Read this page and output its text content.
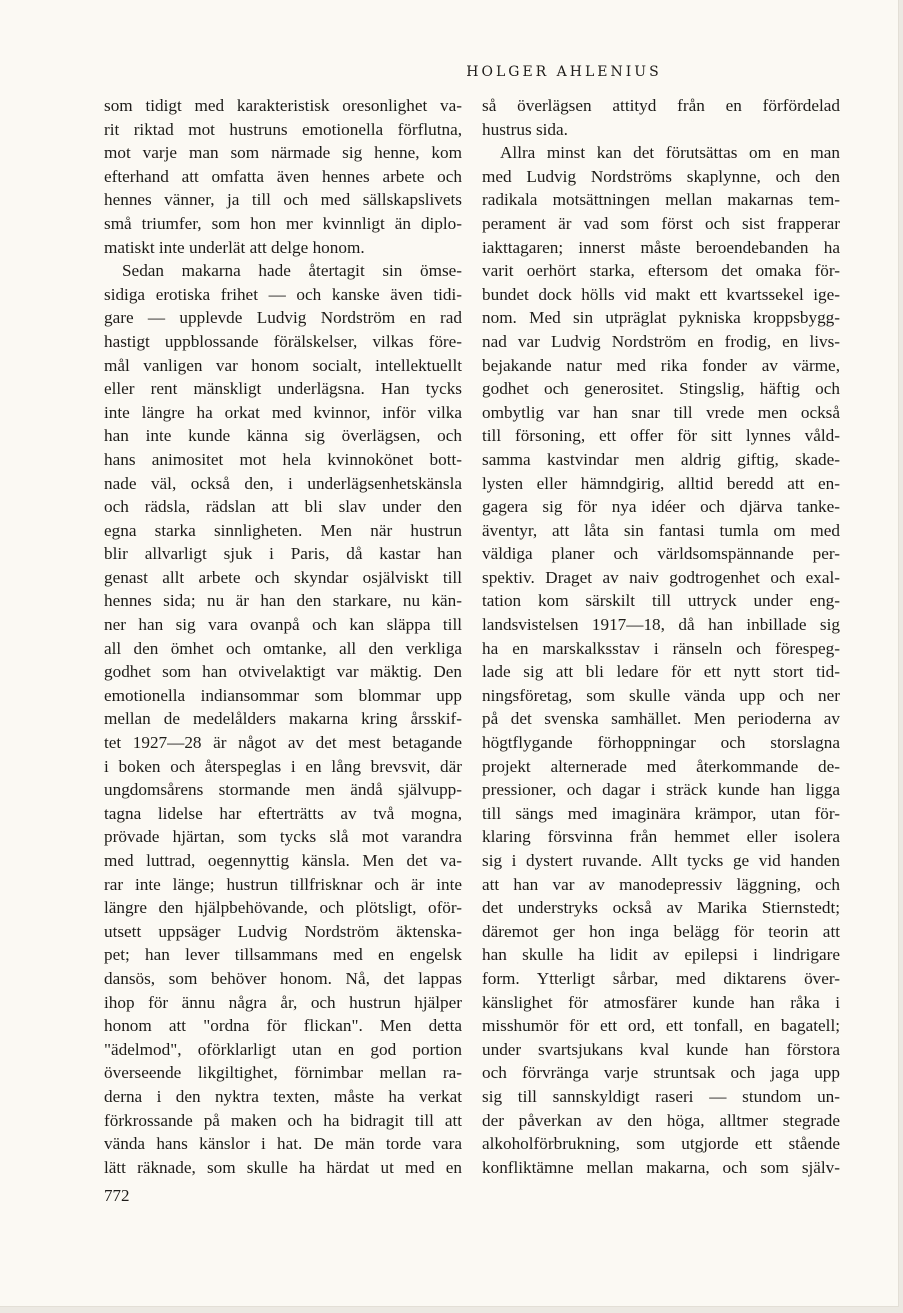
HOLGER AHLENIUS
som tidigt med karakteristisk oresonlighet va-
rit riktad mot hustruns emotionella förflutna,
mot varje man som närmade sig henne, kom
efterhand att omfatta även hennes arbete och
hennes vänner, ja till och med sällskapslivets
små triumfer, som hon mer kvinnligt än diplo-
matiskt inte underlät att delge honom.
Sedan makarna hade återtagit sin ömse-
sidiga erotiska frihet — och kanske även tidi-
gare — upplevde Ludvig Nordström en rad
hastigt uppblossande förälskelser, vilkas före-
mål vanligen var honom socialt, intellektuellt
eller rent mänskligt underlägsna. Han tycks
inte längre ha orkat med kvinnor, inför vilka
han inte kunde känna sig överlägsen, och
hans animositet mot hela kvinnokönet bott-
nade väl, också den, i underlägsenhetskänsla
och rädsla, rädslan att bli slav under den
egna starka sinnligheten. Men när hustrun
blir allvarligt sjuk i Paris, då kastar han
genast allt arbete och skyndar osjälviskt till
hennes sida; nu är han den starkare, nu kän-
ner han sig vara ovanpå och kan släppa till
all den ömhet och omtanke, all den verkliga
godhet som han otvivelaktigt var mäktig. Den
emotionella indiansommar som blommar upp
mellan de medelålders makarna kring årsskif-
tet 1927—28 är något av det mest betagande
i boken och återspeglas i en lång brevsvit, där
ungdomsårens stormande men ändå självupp-
tagna lidelse har efterträtts av två mogna,
prövade hjärtan, som tycks slå mot varandra
med luttrad, oegennyttig känsla. Men det va-
rar inte länge; hustrun tillfrisknar och är inte
längre den hjälpbehövande, och plötsligt, oför-
utsett uppsäger Ludvig Nordström äktenska-
pet; han lever tillsammans med en engelsk
dansös, som behöver honom. Nå, det lappas
ihop för ännu några år, och hustrun hjälper
honom att "ordna för flickan". Men detta
"ädelmod", oförklarligt utan en god portion
överseende likgiltighet, förnimbar mellan ra-
derna i den nyktra texten, måste ha verkat
förkrossande på maken och ha bidragit till att
vända hans känslor i hat. De män torde vara
lätt räknade, som skulle ha härdat ut med en
så överlägsen attityd från en förfördelad
hustrus sida.
Allra minst kan det förutsättas om en man
med Ludvig Nordströms skaplynne, och den
radikala motsättningen mellan makarnas tem-
perament är vad som först och sist frapperar
iakttagaren; innerst måste beroendebanden ha
varit oerhört starka, eftersom det omaka för-
bundet dock hölls vid makt ett kvartssekel ige-
nom. Med sin utpräglat pykniska kroppsbygg-
nad var Ludvig Nordström en frodig, en livs-
bejakande natur med rika fonder av värme,
godhet och generositet. Stingslig, häftig och
ombytlig var han snar till vrede men också
till försoning, ett offer för sitt lynnes våld-
samma kastvindar men aldrig giftig, skade-
lysten eller hämndgirig, alltid beredd att en-
gagera sig för nya idéer och djärva tanke-
äventyr, att låta sin fantasi tumla om med
väldiga planer och världsomspännande per-
spektiv. Draget av naiv godtrogenhet och exal-
tation kom särskilt till uttryck under eng-
landsvistelsen 1917—18, då han inbillade sig
ha en marskalksstav i ränseln och förespeg-
lade sig att bli ledare för ett nytt stort tid-
ningsföretag, som skulle vända upp och ner
på det svenska samhället. Men perioderna av
högtflygande förhoppningar och storslagna
projekt alternerade med återkommande de-
pressioner, och dagar i sträck kunde han ligga
till sängs med imaginära krämpor, utan för-
klaring försvinna från hemmet eller isolera
sig i dystert ruvande. Allt tycks ge vid handen
att han var av manodepressiv läggning, och
det understryks också av Marika Stiernstedt;
däremot ger hon inga belägg för teorin att
han skulle ha lidit av epilepsi i lindrigare
form. Ytterligt sårbar, med diktarens över-
känslighet för atmosfärer kunde han råka i
misshumör för ett ord, ett tonfall, en bagatell;
under svartsjukans kval kunde han förstora
och förvränga varje struntsak och jaga upp
sig till sannskyldigt raseri — stundom un-
der påverkan av den höga, alltmer stegrade
alkoholförbrukning, som utgjorde ett stående
konfliktämne mellan makarna, och som själv-
772
